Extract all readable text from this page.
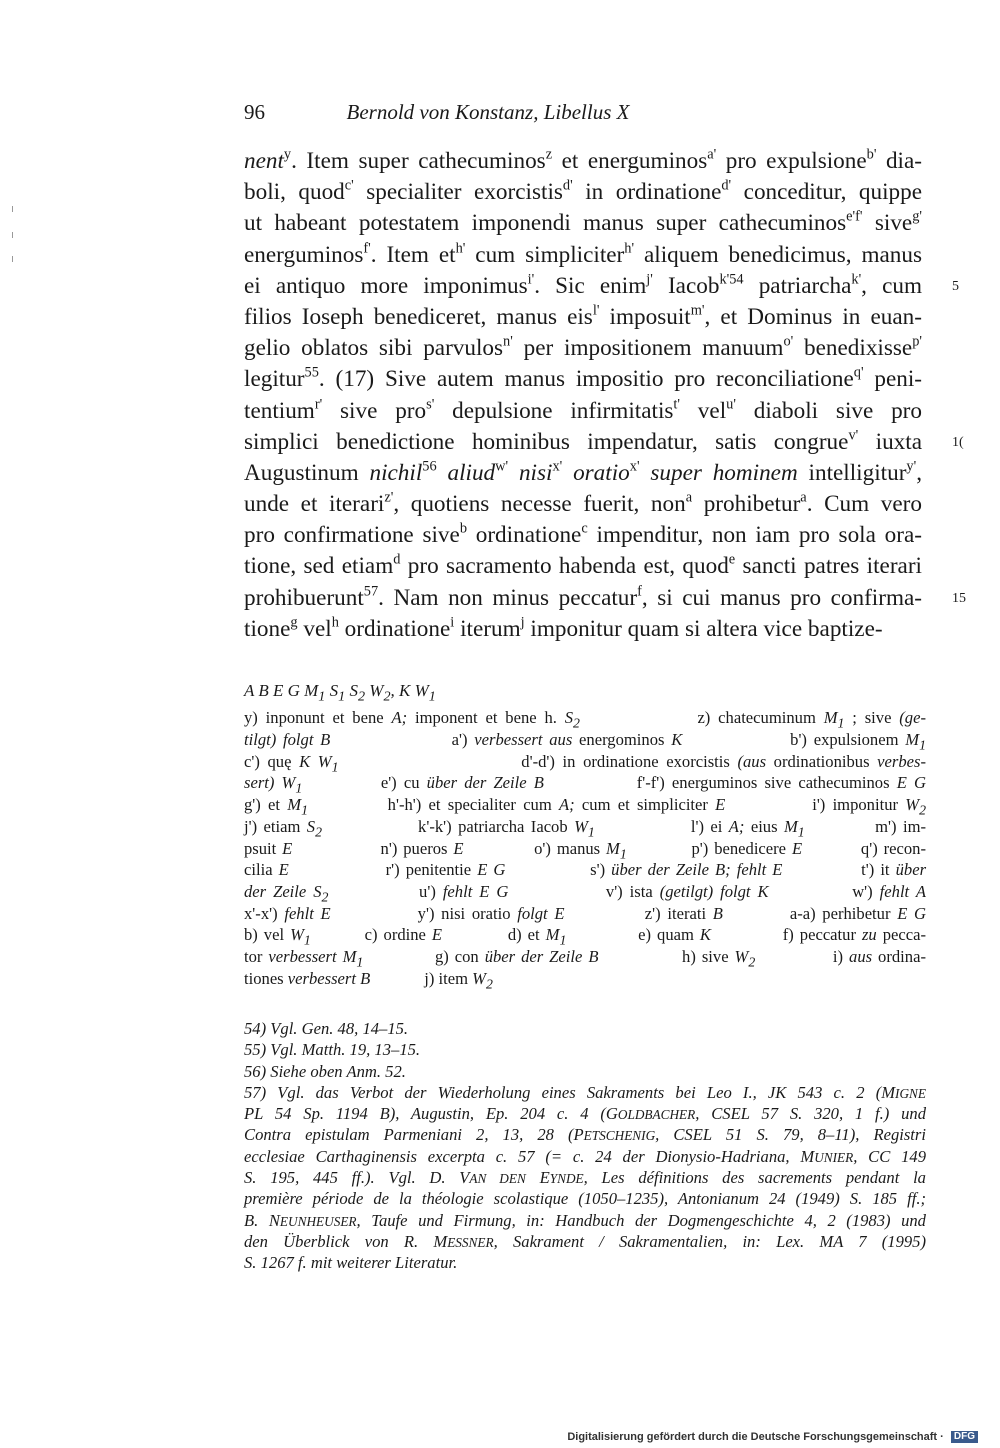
96	Bernold von Konstanz, Libellus X
nent$^y$. Item super cathecuminos$^z$ et energuminos$^{a'}$ pro expulsione$^{b'}$ dia-
boli, quod$^{c'}$ specialiter exorcistis$^{d'}$ in ordinatione$^{d'}$ conceditur, quippe
ut habeant potestatem imponendi manus super cathecuminos$^{e'f'}$ sive$^{g'}$
energuminos$^{f'}$. Item $et^{h'}$ cum simpliciter$^{h'}$ aliquem benedicimus, manus
ei antiquo more imponimus$^{i'}$. Sic enim$^{j'}$ Iacob$^{k'54}$ patriarcha$^{k'}$, cum 5
filios Ioseph benediceret, manus eis$^{l'}$ imposuit$^{m'}$, et Dominus in euan-
gelio oblatos sibi parvulos$^{n'}$ per impositionem manuum$^{o'}$ benedixisse$^{p'}$
legitur$^{55}$. (17) Sive autem manus impositio pro reconciliatione$^{q'}$ peni-
tentium$^{r'}$ sive pro$^{s'}$ depulsione infirmitatis$^{t'}$ vel$^{u'}$ diaboli sive pro
simplici benedictione hominibus impendatur, satis congrue$^{v'}$ iuxta 1(
Augustinum nichil$^{56}$ aliud$^{w'}$ nisi$^{x'}$ oratio$^{x'}$ super hominem intelligitur$^{y'}$,
unde et iterari$^{z'}$, quotiens necesse fuerit, non$^a$ prohibetur$^a$. Cum vero
pro confirmatione sive$^b$ ordinatione$^c$ impenditur, non iam pro sola ora-
tione, sed etiam$^d$ pro sacramento habenda est, quod$^e$ sancti patres iterari
prohibuerunt$^{57}$. Nam non minus peccatur$^f$, si cui manus pro confirma- 15
tione$^g$ vel$^h$ ordinatione$^i$ iterum$^j$ imponitur quam si altera vice baptize-
A B E G $M_1$ $S_1$ $S_2$ $W_2$, K $W_1$
y) inponunt et bene A; imponent et bene h. $S_2$               z) chatecuminum $M_1$ ; sive (ge-
tilgt) folgt B                  a') verbessert aus energominos K                b') expulsionem $M_1$
c') quę K $W_1$                        d'-d') in ordinatione exorcistis (aus ordinationibus verbes-
sert) $W_1$           e') cu über der Zeile B             f'-f') energuminos sive cathecuminos E G
g') et $M_1$           h'-h') et specialiter cum A; cum et simpliciter E            i') imponitur $W_2$
j') etiam $S_2$               k'-k') patriarcha Iacob $W_1$               l') ei A; eius $M_1$           m') im-
psuit E               n') pueros E            o') manus $M_1$           p') benedicere E          q') recon-
cilia E                r') penitentie E G              s') über der Zeile B; fehlt E             t') it über
der Zeile $S_2$             u') fehlt E G              v') ista (getilgt) folgt K            w') fehlt A
x'-x') fehlt E             y') nisi oratio folgt E            z') iterati B          a-a) perhibetur E G
b) vel $W_1$         c) ordine E           d) et $M_1$            e) quam K            f) peccatur zu pecca-
tor verbessert $M_1$            g) con über der Zeile B              h) sive $W_2$             i) aus ordina-
tiones verbessert B             j) item $W_2$
54) Vgl. Gen. 48, 14–15.
55) Vgl. Matth. 19, 13–15.
56) Siehe oben Anm. 52.
57) Vgl. das Verbot der Wiederholung eines Sakraments bei Leo I., JK 543 c. 2 (MIGNE
PL 54 Sp. 1194 B), Augustin, Ep. 204 c. 4 (GOLDBACHER, CSEL 57 S. 320, 1 f.) und
Contra epistulam Parmeniani 2, 13, 28 (PETSCHENIG, CSEL 51 S. 79, 8–11), Registri
ecclesiae Carthaginensis excerpta c. 57 (= c. 24 der Dionysio-Hadriana, MUNIER, CC 149
S. 195, 445 ff.). Vgl. D. VAN DEN EYNDE, Les définitions des sacrements pendant la
première période de la théologie scolastique (1050–1235), Antonianum 24 (1949) S. 185 ff.;
B. NEUNHEUSER, Taufe und Firmung, in: Handbuch der Dogmengeschichte 4, 2 (1983) und
den Überblick von R. MESSNER, Sakrament / Sakramentalien, in: Lex. MA 7 (1995)
S. 1267 f. mit weiterer Literatur.
Digitalisierung gefördert durch die Deutsche Forschungsgemeinschaft · DFG
